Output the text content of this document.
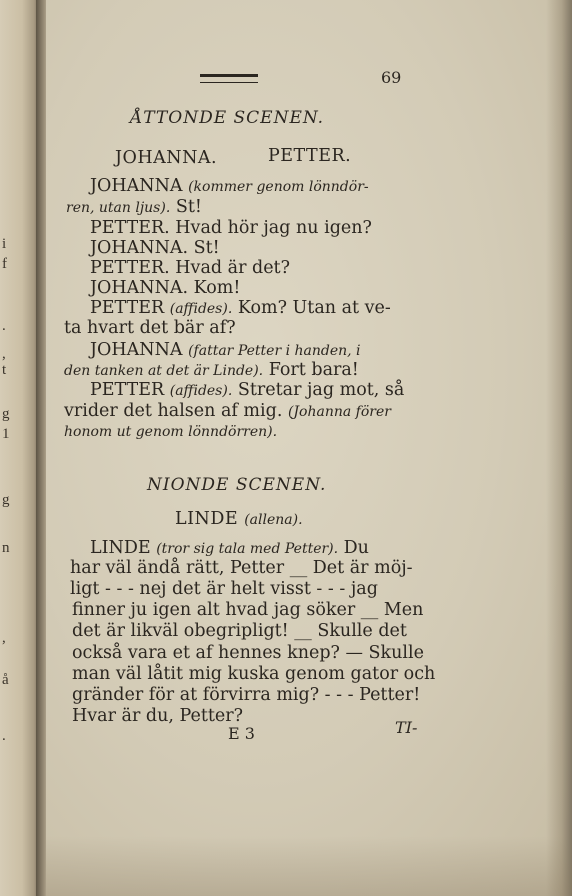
i
f
.
,
t
g
1
g
n
,
å
.
69
ÅTTONDE SCENEN.
JOHANNA.	PETTER.
JOHANNA (kommer genom lönndör-
ren, utan ljus). St!
PETTER. Hvad hör jag nu igen?
JOHANNA. St!
PETTER. Hvad är det?
JOHANNA. Kom!
PETTER (affides). Kom? Utan at ve-
ta hvart det bär af?
JOHANNA (fattar Petter i handen, i
den tanken at det är Linde). Fort bara!
PETTER (affides). Stretar jag mot, så
vrider det halsen af mig. (Johanna förer
honom ut genom lönndörren).
NIONDE SCENEN.
LINDE (allena).
LINDE (tror sig tala med Petter). Du
har väl ändå rätt, Petter __ Det är möj-
ligt - - - nej det är helt visst - - - jag
finner ju igen alt hvad jag söker __ Men
det är likväl obegripligt! __ Skulle det
också vara et af hennes knep? — Skulle
man väl låtit mig kuska genom gator och
gränder för at förvirra mig? - - - Petter!
Hvar är du, Petter?
E 3	TI-
